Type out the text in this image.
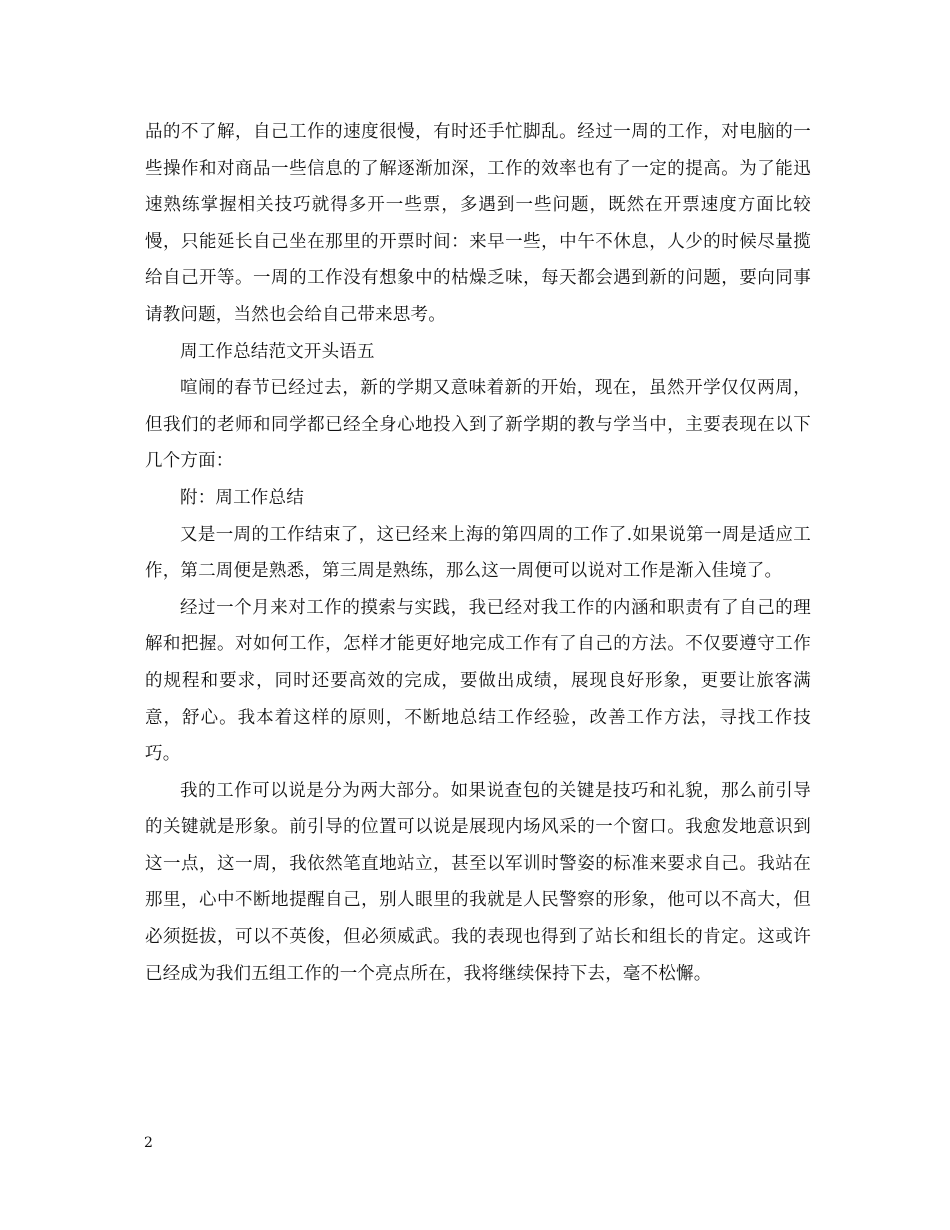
品的不了解，自己工作的速度很慢，有时还手忙脚乱。经过一周的工作，对电脑的一些操作和对商品一些信息的了解逐渐加深，工作的效率也有了一定的提高。为了能迅速熟练掌握相关技巧就得多开一些票，多遇到一些问题，既然在开票速度方面比较慢，只能延长自己坐在那里的开票时间：来早一些，中午不休息，人少的时候尽量揽给自己开等。一周的工作没有想象中的枯燥乏味，每天都会遇到新的问题，要向同事请教问题，当然也会给自己带来思考。

周工作总结范文开头语五

喧闹的春节已经过去，新的学期又意味着新的开始，现在，虽然开学仅仅两周，但我们的老师和同学都已经全身心地投入到了新学期的教与学当中，主要表现在以下几个方面：

附：周工作总结

又是一周的工作结束了，这已经来上海的第四周的工作了.如果说第一周是适应工作，第二周便是熟悉，第三周是熟练，那么这一周便可以说对工作是渐入佳境了。

经过一个月来对工作的摸索与实践，我已经对我工作的内涵和职责有了自己的理解和把握。对如何工作，怎样才能更好地完成工作有了自己的方法。不仅要遵守工作的规程和要求，同时还要高效的完成，要做出成绩，展现良好形象，更要让旅客满意，舒心。我本着这样的原则，不断地总结工作经验，改善工作方法，寻找工作技巧。

我的工作可以说是分为两大部分。如果说查包的关键是技巧和礼貌，那么前引导的关键就是形象。前引导的位置可以说是展现内场风采的一个窗口。我愈发地意识到这一点，这一周，我依然笔直地站立，甚至以军训时警姿的标准来要求自己。我站在那里，心中不断地提醒自己，别人眼里的我就是人民警察的形象，他可以不高大，但必须挺拔，可以不英俊，但必须威武。我的表现也得到了站长和组长的肯定。这或许已经成为我们五组工作的一个亮点所在，我将继续保持下去，毫不松懈。

2
